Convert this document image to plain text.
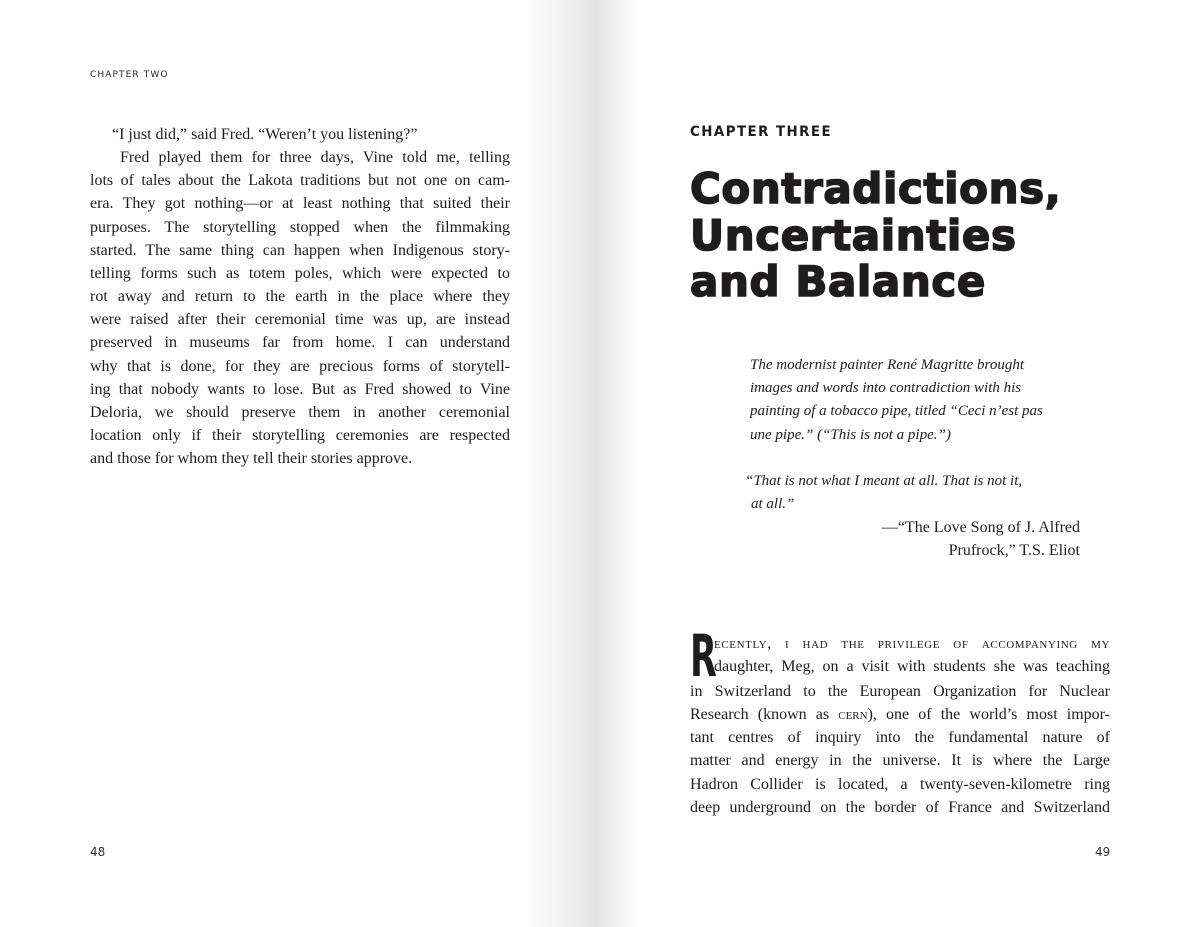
CHAPTER TWO
“I just did,” said Fred. “Weren’t you listening?”
Fred played them for three days, Vine told me, telling
lots of tales about the Lakota traditions but not one on cam-
era. They got nothing—or at least nothing that suited their
purposes. The storytelling stopped when the filmmaking
started. The same thing can happen when Indigenous story-
telling forms such as totem poles, which were expected to
rot away and return to the earth in the place where they
were raised after their ceremonial time was up, are instead
preserved in museums far from home. I can understand
why that is done, for they are precious forms of storytell-
ing that nobody wants to lose. But as Fred showed to Vine
Deloria, we should preserve them in another ceremonial
location only if their storytelling ceremonies are respected
and those for whom they tell their stories approve.
48
CHAPTER THREE
Contradictions,
Uncertainties
and Balance
The modernist painter René Magritte brought
images and words into contradiction with his
painting of a tobacco pipe, titled “Ceci n’est pas
une pipe.” (“This is not a pipe.”)
“That is not what I meant at all. That is not it,
at all.”
—“The Love Song of J. Alfred
Prufrock,” T.S. Eliot
R
ecently, i had the privilege of accompanying my
daughter, Meg, on a visit with students she was teaching
in Switzerland to the European Organization for Nuclear
Research (known as cern), one of the world’s most impor-
tant centres of inquiry into the fundamental nature of
matter and energy in the universe. It is where the Large
Hadron Collider is located, a twenty-seven-kilometre ring
deep underground on the border of France and Switzerland
49
